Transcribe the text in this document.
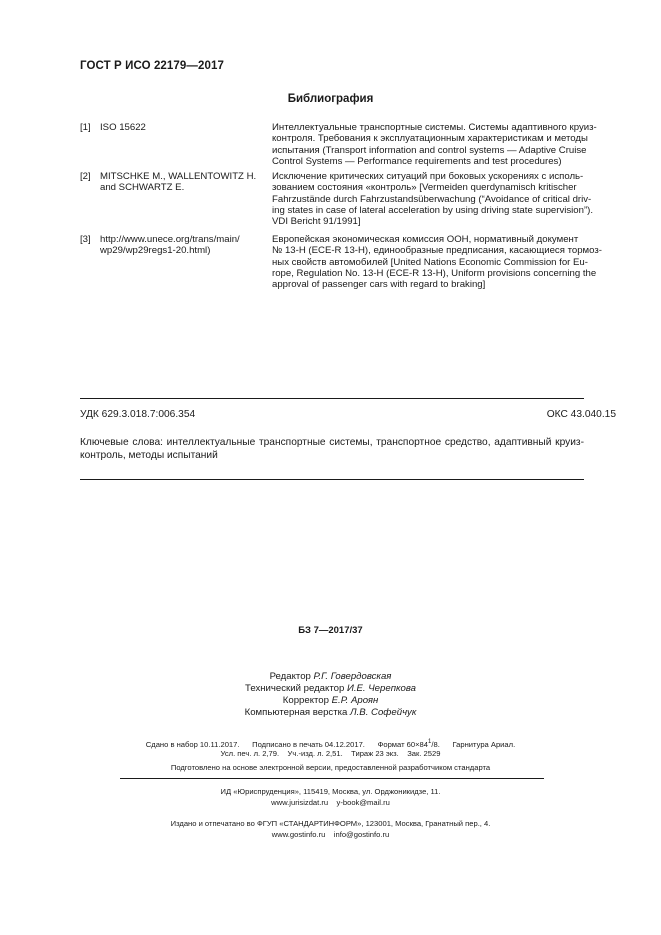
ГОСТ Р ИСО 22179—2017
Библиография
[1] ISO 15622	Интеллектуальные транспортные системы. Системы адаптивного круиз-
контроля. Требования к эксплуатационным характеристикам и методы
испытания (Transport information and control systems — Adaptive Cruise
Control Systems — Performance requirements and test procedures)
[2] MITSCHKE M., WALLENTOWITZ H. and SCHWARTZ E.
Исключение критических ситуаций при боковых ускорениях с исполь-
зованием состояния «контроль» [Vermeiden querdynamisch kritischer
Fahrzustände durch Fahrzustandsüberwachung (“Avoidance of critical driv-
ing states in case of lateral acceleration by using driving state supervision”).
VDI Bericht 91/1991]
[3] http://www.unece.org/trans/main/ wp29/wp29regs1-20.html)
Европейская экономическая комиссия ООН, нормативный документ
№ 13-H (ECE-R 13-H), единообразные предписания, касающиеся тормоз-
ных свойств автомобилей [United Nations Economic Commission for Eu-
rope, Regulation No. 13-H (ECE-R 13-H), Uniform provisions concerning the
approval of passenger cars with regard to braking]
УДК 629.3.018.7:006.354	ОКС 43.040.15
Ключевые слова: интеллектуальные транспортные системы, транспортное средство, адаптивный круиз-контроль, методы испытаний
БЗ 7—2017/37
Редактор Р.Г. Говердовская
Технический редактор И.Е. Черепкова
Корректор Е.Р. Ароян
Компьютерная верстка Л.В. Софейчук
Сдано в набор 10.11.2017. Подписано в печать 04.12.2017. Формат $60\times 84^1/8$.      Гарнитура Ариал.
Усл. печ. л. 2,79.    Уч.-изд. л. 2,51.    Тираж 23 экз.    Зак. 2529
Подготовлено на основе электронной версии, предоставленной разработчиком стандарта
ИД «Юриспруденция», 115419, Москва, ул. Орджоникидзе, 11.
www.jurisizdat.ru    y-book@mail.ru
Издано и отпечатано во ФГУП «СТАНДАРТИНФОРМ», 123001, Москва, Гранатный пер., 4.
www.gostinfo.ru    info@gostinfo.ru
